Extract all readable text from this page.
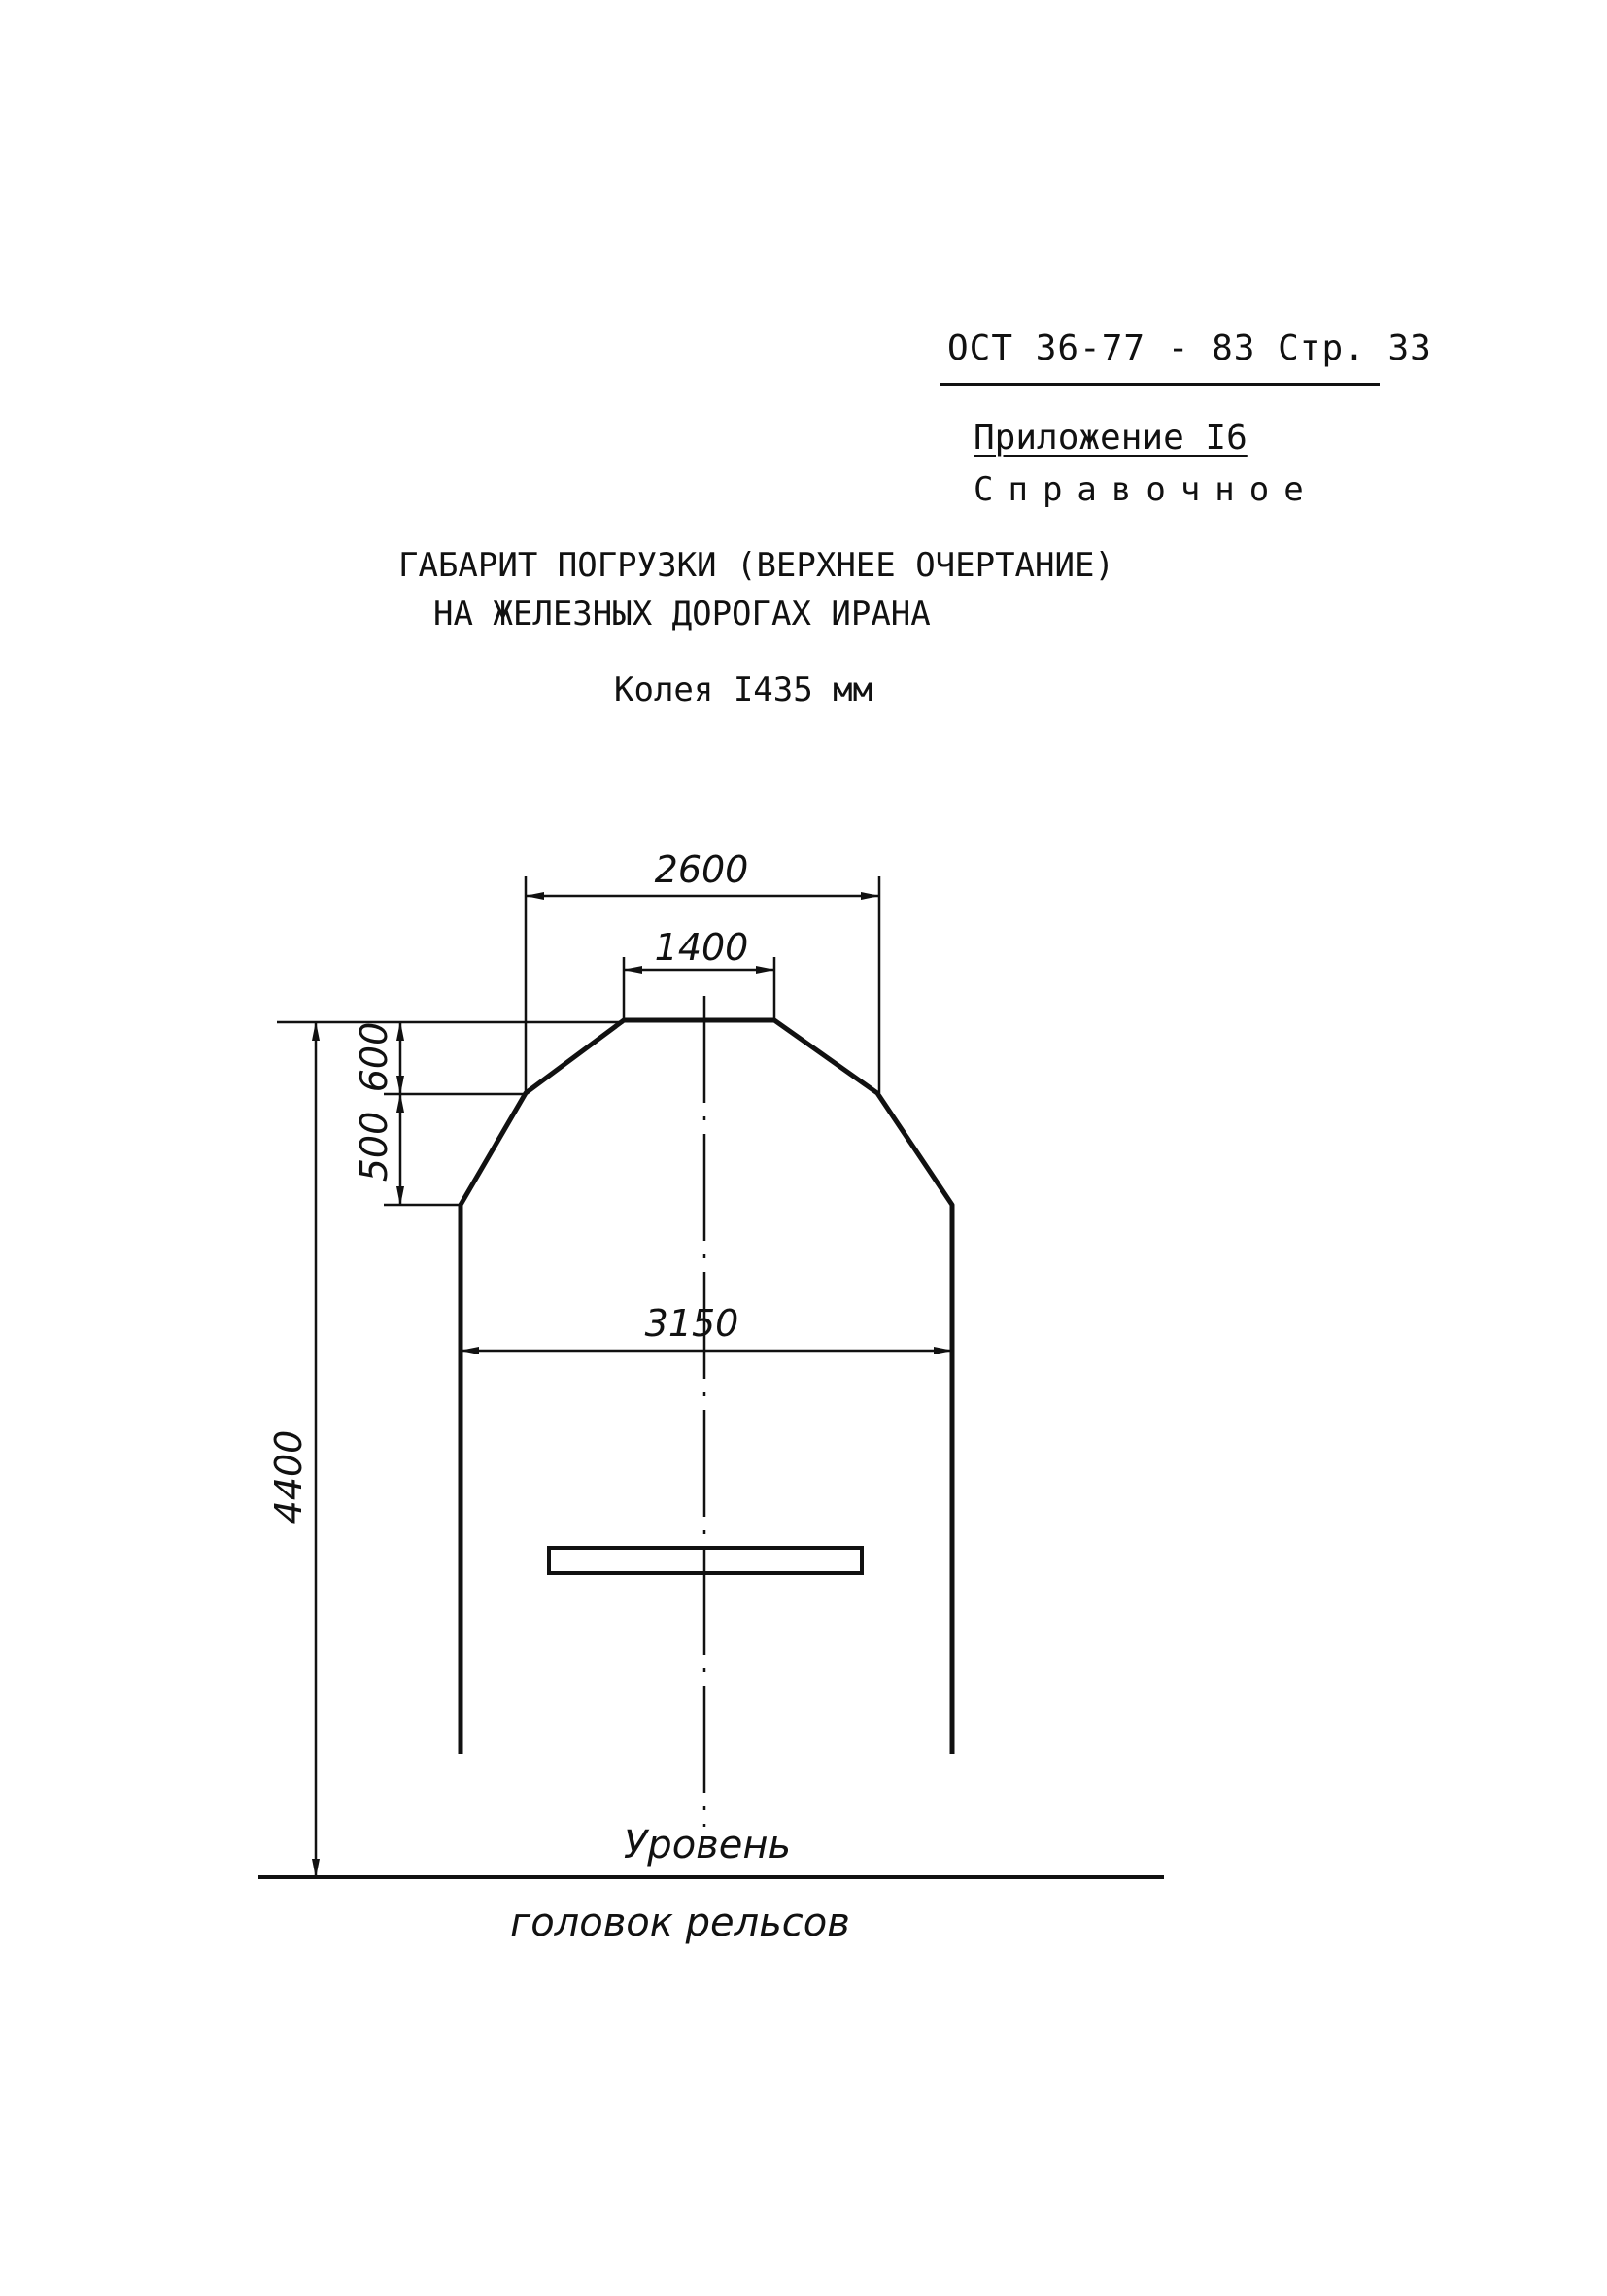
ОСТ 36-77 - 83 Стр. 33
Приложение I6
Справочное
ГАБАРИТ ПОГРУЗКИ (ВЕРХНЕЕ ОЧЕРТАНИЕ)
НА ЖЕЛЕЗНЫХ ДОРОГАХ ИРАНА
Колея I435 мм
2600
1400
3150
4400
600
500
Уровень
головок рельсов
